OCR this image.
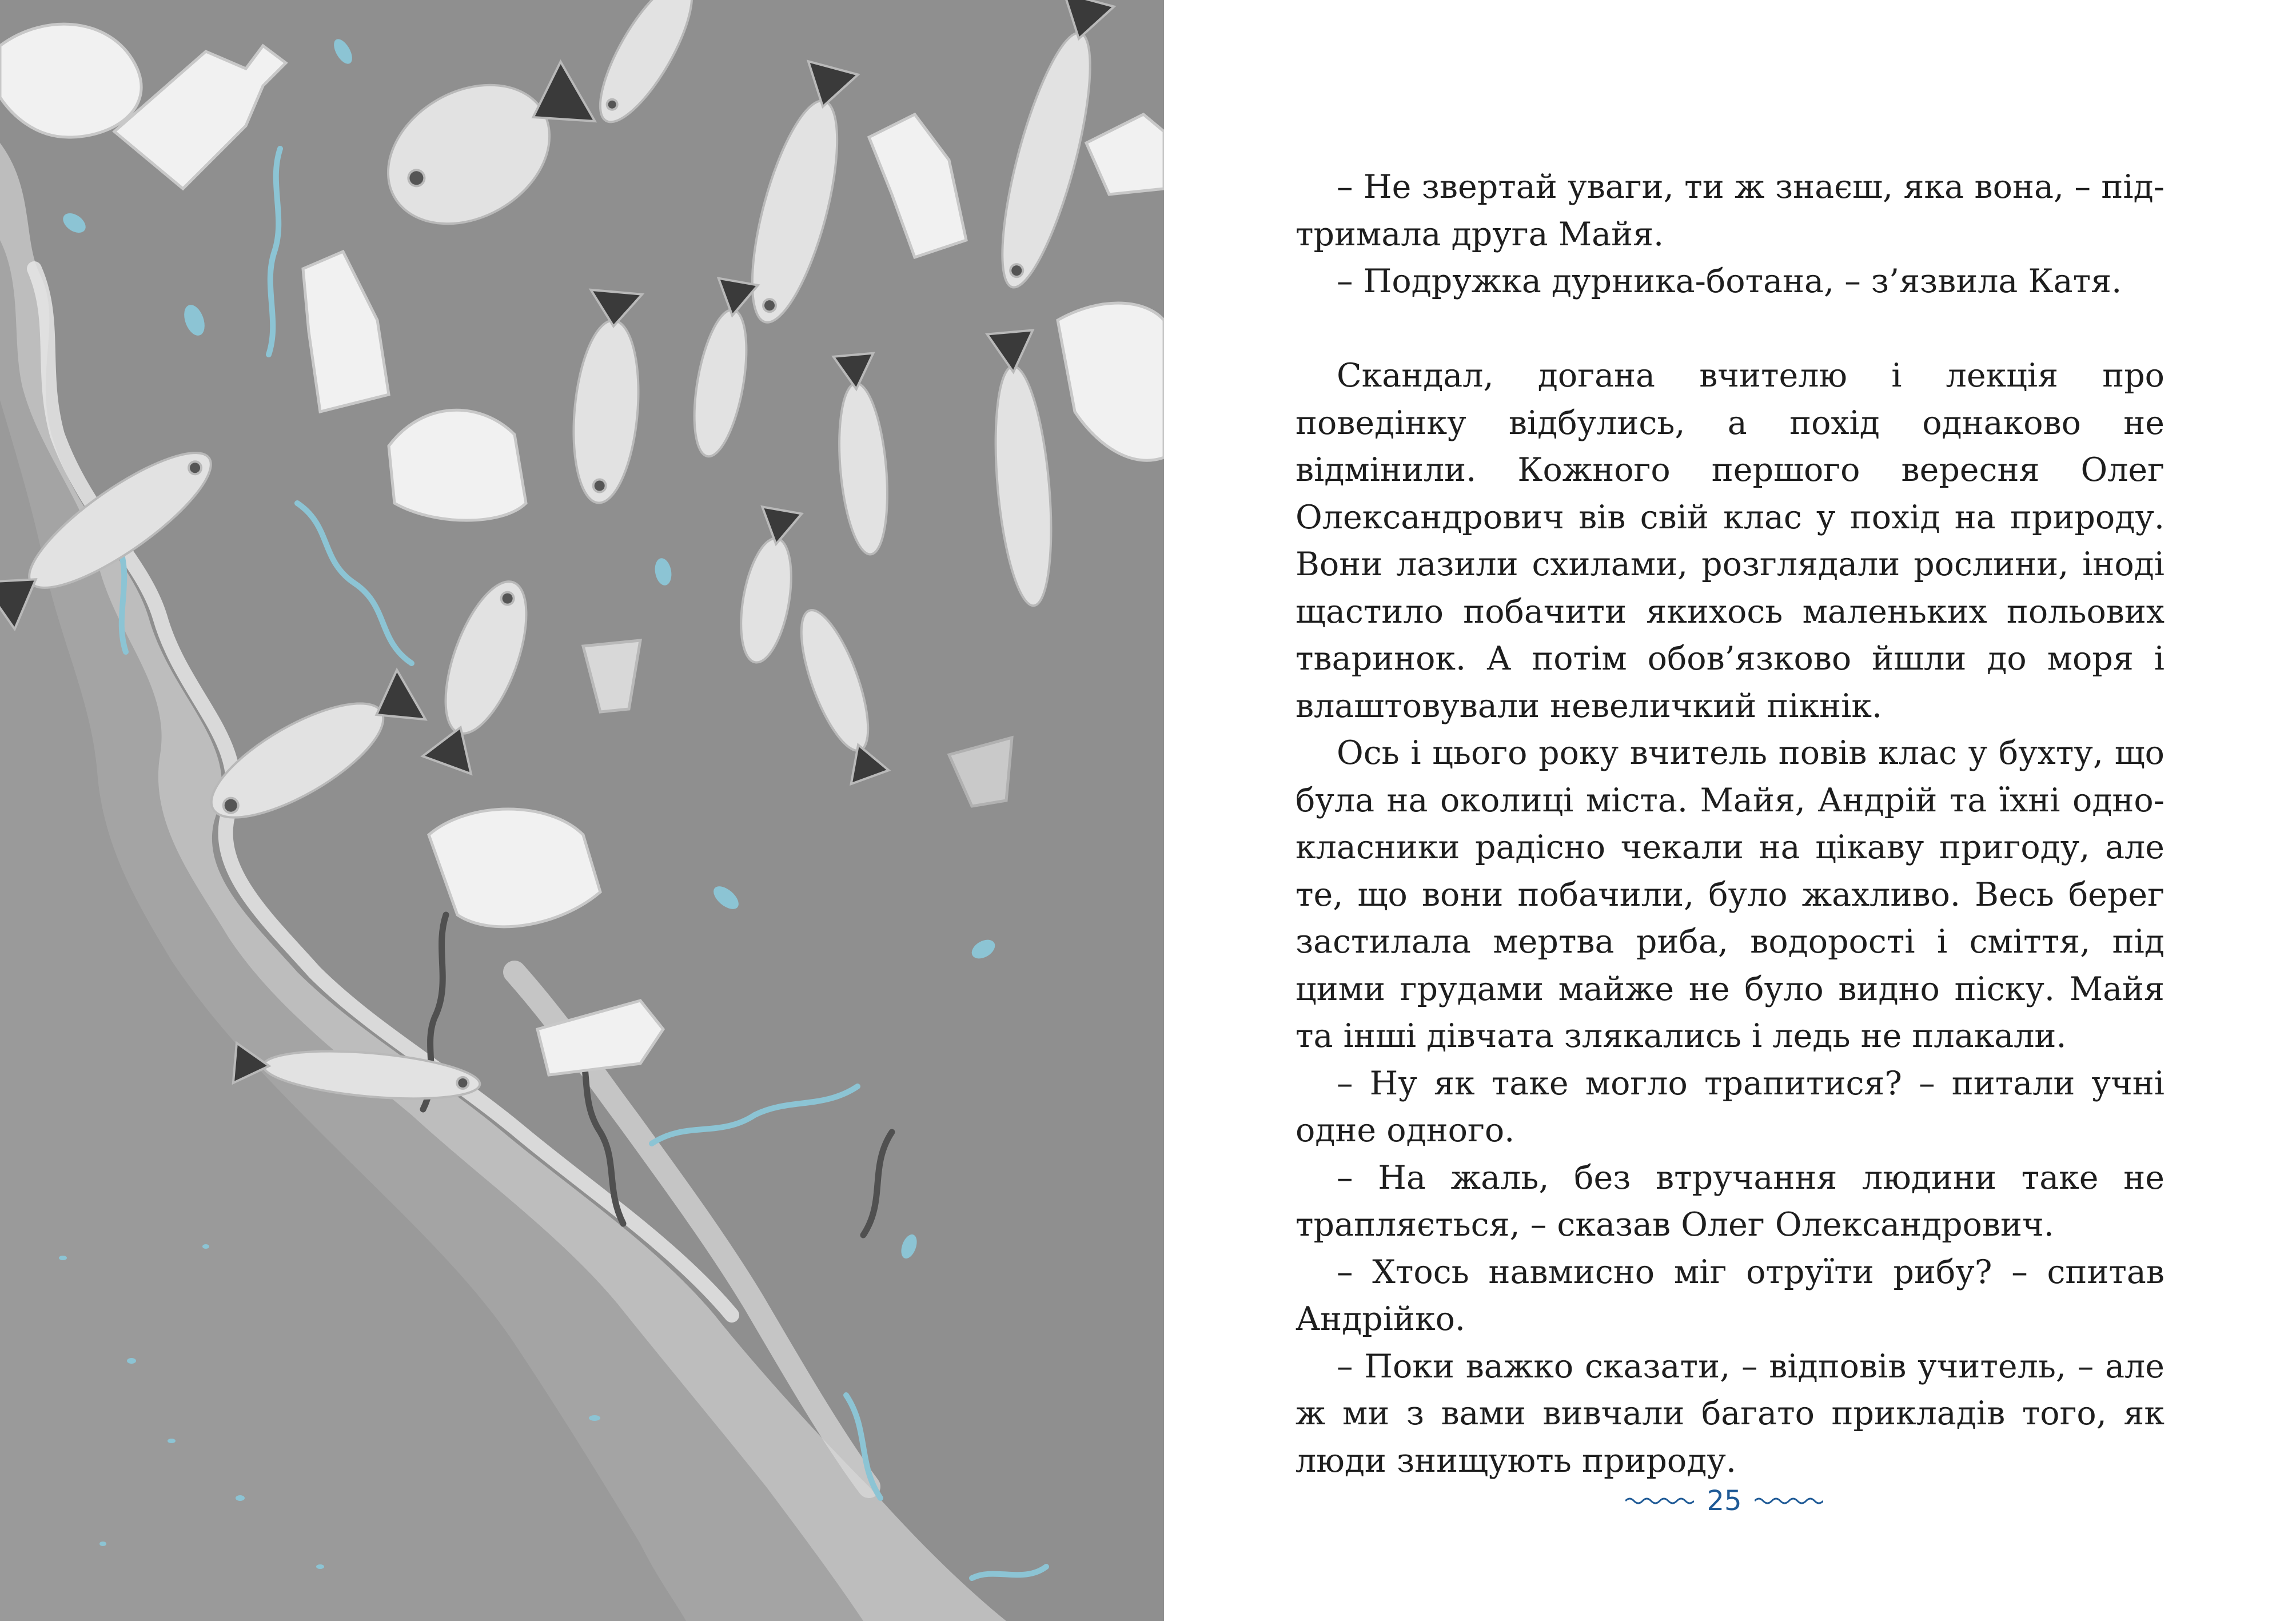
– Не звертай уваги, ти ж знаєш, яка вона, – підтримала друга Майя.

– Подружка дурника-ботана, – з’язвила Катя.

Скандал, догана вчителю і лекція про поведінку відбулись, а похід однаково не відмінили. Кожного першого вересня Олег Олександрович вів свій клас у похід на природу. Вони лазили схилами, розглядали рослини, іноді щастило побачити якихось маленьких польових тваринок. А потім обов’язково йшли до моря і влаштовували невеличкий пікнік.

Ось і цього року вчитель повів клас у бухту, що була на околиці міста. Майя, Андрій та їхні однокласники радісно чекали на цікаву пригоду, але те, що вони побачили, було жахливо. Весь берег застилала мертва риба, водорості і сміття, під цими грудами майже не було видно піску. Майя та інші дівчата злякались і ледь не плакали.

– Ну як таке могло трапитися? – питали учні одне одного.

– На жаль, без втручання людини таке не трапляється, – сказав Олег Олександрович.

– Хтось навмисно міг отруїти рибу? – спитав Андрійко.

– Поки важко сказати, – відповів учитель, – але ж ми з вами вивчали багато прикладів того, як люди знищують природу.

25
